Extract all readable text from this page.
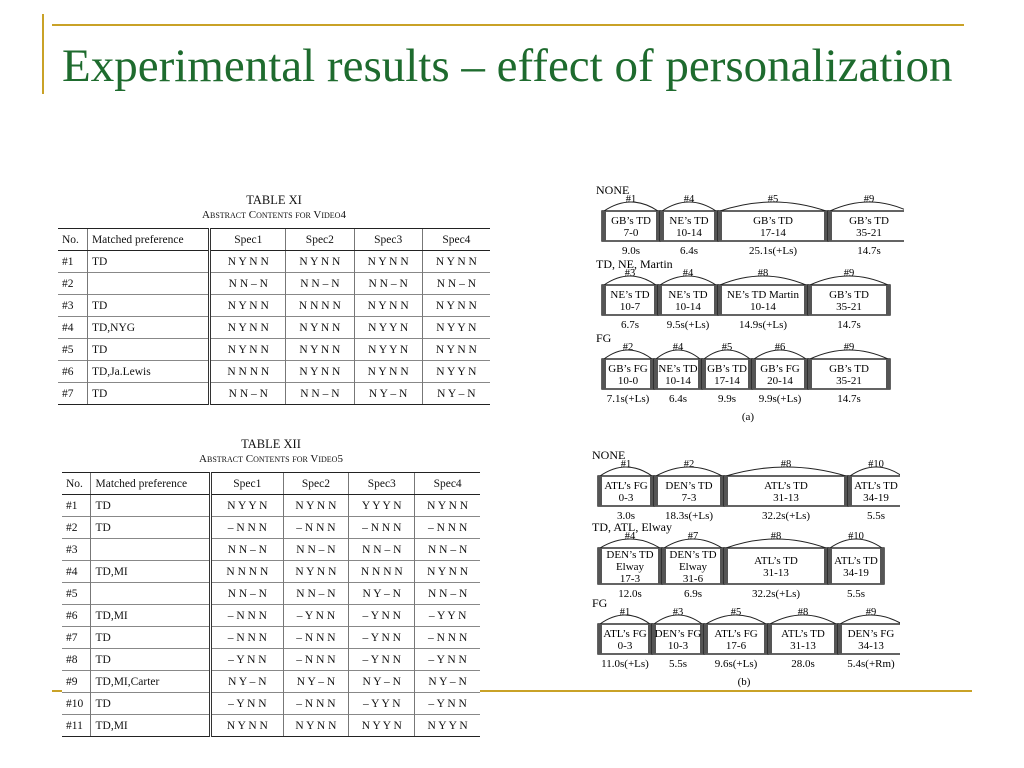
Experimental results – effect of personalization
TABLE XI
Abstract Contents for Video4
No.	Matched preference	Spec1	Spec2	Spec3	Spec4
#1	TD	N Y N N	N Y N N	N Y N N	N Y N N
#2		N N – N	N N – N	N N – N	N N – N
#3	TD	N Y N N	N N N N	N Y N N	N Y N N
#4	TD,NYG	N Y N N	N Y N N	N Y Y N	N Y Y N
#5	TD	N Y N N	N Y N N	N Y Y N	N Y N N
#6	TD,Ja.Lewis	N N N N	N Y N N	N Y N N	N Y Y N
#7	TD	N N – N	N N – N	N Y – N	N Y – N
TABLE XII
Abstract Contents for Video5
No.	Matched preference	Spec1	Spec2	Spec3	Spec4
#1	TD	N Y Y N	N Y N N	Y Y Y N	N Y N N
#2	TD	– N N N	– N N N	– N N N	– N N N
#3		N N – N	N N – N	N N – N	N N – N
#4	TD,MI	N N N N	N Y N N	N N N N	N Y N N
#5		N N – N	N N – N	N Y – N	N N – N
#6	TD,MI	– N N N	– Y N N	– Y N N	– Y Y N
#7	TD	– N N N	– N N N	– Y N N	– N N N
#8	TD	– Y N N	– N N N	– Y N N	– Y N N
#9	TD,MI,Carter	N Y – N	N Y – N	N Y – N	N Y – N
#10	TD	– Y N N	– N N N	– Y Y N	– Y N N
#11	TD,MI	N Y N N	N Y N N	N Y Y N	N Y Y N
NONE
#1
GB’s TD
7-0
9.0s
#4
NE’s TD
10-14
6.4s
#5
GB’s TD
17-14
25.1s(+Ls)
#9
GB’s TD
35-21
14.7s
TD, NE, Martin
#3
NE’s TD
10-7
6.7s
#4
NE’s TD
10-14
9.5s(+Ls)
#8
NE’s TD Martin
10-14
14.9s(+Ls)
#9
GB’s TD
35-21
14.7s
FG
#2
GB’s FG
10-0
7.1s(+Ls)
#4
NE’s TD
10-14
6.4s
#5
GB’s TD
17-14
9.9s
#6
GB’s FG
20-14
9.9s(+Ls)
#9
GB’s TD
35-21
14.7s
(a)
NONE
#1
ATL’s FG
0-3
3.0s
#2
DEN’s TD
7-3
18.3s(+Ls)
#8
ATL’s TD
31-13
32.2s(+Ls)
#10
ATL’s TD
34-19
5.5s
TD, ATL, Elway
#4
DEN’s TD
Elway
17-3
12.0s
#7
DEN’s TD
Elway
31-6
6.9s
#8
ATL’s TD
31-13
32.2s(+Ls)
#10
ATL’s TD
34-19
5.5s
FG
#1
ATL’s FG
0-3
11.0s(+Ls)
#3
DEN’s FG
10-3
5.5s
#5
ATL’s FG
17-6
9.6s(+Ls)
#8
ATL’s TD
31-13
28.0s
#9
DEN’s FG
34-13
5.4s(+Rm)
(b)
